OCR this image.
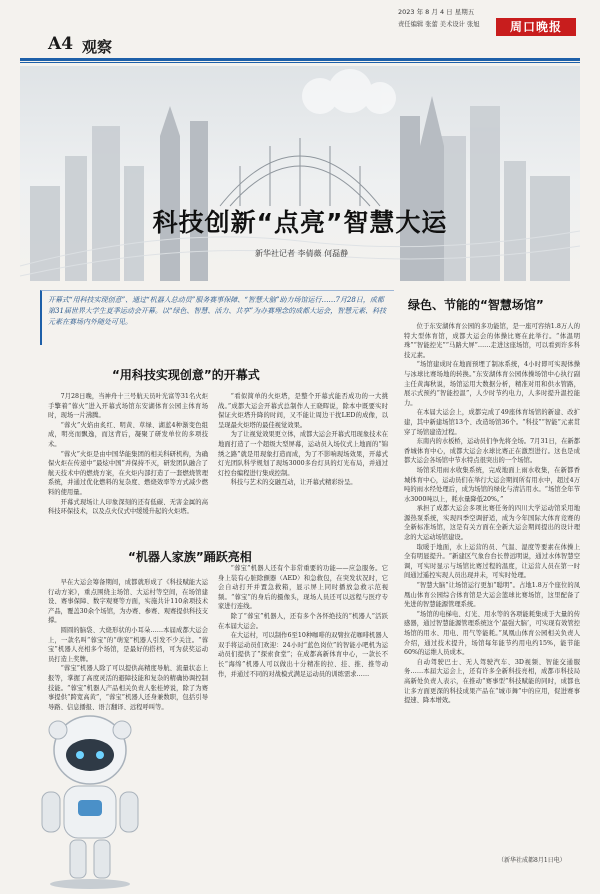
A4 观察
2023 年 8 月 4 日 星期五
责任编辑 张蕾 美术设计 张旭	周口晚报
科技创新“点亮”智慧大运
新华社记者 李倩薇 何磊静
开幕式“用科技实现创意”、通过“机器人总动员”服务赛事保障、“智慧大脑”助力场馆运行……7月28日，成都第31届世界大学生夏季运动会开幕。以“绿色、智慧、活力、共享”为办赛理念的成都大运会，智慧元素、科技元素在赛场内外随处可见。
“用科技实现创意”的开幕式

7月28日晚，当神舟十三号航天员叶光富等31名火炬手擎着“蓉火”进入开幕式场馆东安湖体育公园主体育场时，现场一片沸腾。

“蓉火”火焰由炙红、明黄、草绿、湖蓝4种渐变色组成，明亮而飘逸，而这背后，凝聚了研发单位的多项技术。

“蓉火”火炬是由中国华能集团的相关科研机构，为确保火炬在传递中“最炫中国”并保持不灭，研发团队融合了航天技术中的燃烧方案，在火炬内部打造了一套燃烧管理系统，并通过优化燃料的复杂度、燃烧效率等方式减少燃料的使用量。

开幕式现场让人印象深刻的还有低碳、无害金属的高科技环保技术，以及点火仪式中缓缓升起的火炬塔。

“看似简单的火炬塔，是整个开幕式能否成功的一大挑战。”成都大运会开幕式总制作人王晓晖说，除本中既要实时保证火炬塔升降的时间，又不能让周边干扰LED的成像，以呈现最火炬塔的最佳视觉效果。

为了让视觉效果更立体，成都大运会开幕式用现象技术在地面打造了一个超级大型屏幕，运动员入场仪式上地面的“锦绣之路”就是用现象打造而成，为了不影响现场效果，开幕式灯光团队科学规划了现场3000多台灯具的灯光布局，并通过灯控台编程进行集成控制。

科技与艺术的交融互动，让开幕式精彩纷呈。

“机器人家族”踊跃亮相

早在大运会筹备期间，成都就形成了《科技赋能大运行动方案》，重点围绕主场馆、大运村等空间，在场馆建设、赛事保障、数字观赛等方面，实施共计110余项技术产品，覆盖30余个场馆，为办赛、参赛、观赛提供科技支撑。

圆圆的脑袋、大烧形状的小耳朵……本届成都大运会上，一款名叫“蓉宝”的“萌宠”机器人引发不少关注。“蓉宝”机器人亮相多个场馆，是最好的搭档，可为获奖运动员打造上奖牌。

“蓉宝”机器人除了可以提供高精度导航、流量状态上报等，掌握了高度灵活的避障技能和复杂的精确协调控制技能。“蓉宝”机器人产品相关负责人张桂婷说，除了为赛事提供“跨宽高黄”，“蓉宝”机器人还身兼数职，包括引导导路、信息播报、语言翻译、远程呼叫等。

“蓉宝”机器人还有个非常重要的功能——应急服务。它身上装有心脏除颤器（AED）和急救包，在突发状况时，它会自动打开并置急救箱，显示屏上同时播放急救示范视频。“蓉宝”的身后的摄像头，现场人员还可以远程与医疗专家进行连线。

除了“蓉宝”机器人，还有多个各怀绝技的“机器人”活跃在本届大运会。

在大运村，可以制作6至10种咖啡的双臂拉花咖啡机器人双手将运动员们欢迎：24小时“蓝色岗位”的智能小吧机为运动员们提供了“探索食堂”；在成都高新体育中心，一款长不长“海绵”机器人可以做出十分精准的拉、挂、推、推等动作，并通过不同的对战模式满足运动员的训练需求……

绿色、节能的“智慧场馆”

位于东安湖体育公园的多功能馆，是一座可容纳1.8万人的特大型体育馆，成都大运会的体操比赛在此举行。“体温明珠”“智能控光”“马路大屏”……走进这座场馆，可以看到许多科技元素。

“场馆建成时在地面预埋了制冰系统，4小时即可实现体操与冰球比赛场地的转换。”东安湖体育公园体操场馆中心执行副主任黄海秋说，场馆运用大数据分析，精准对用和供水管路，展示式预约“智能控温”，人少时节约电力，人多时提升温控能力。

在本届大运会上，成都完成了49座体育场馆的新建、改扩建，其中新建场馆13个、改造场馆36个。“科技”“智能”元素贯穿了场馆建造过程。

东南内的水板桥，运动员们争先将全场。7月31日，在新都香城体育中心，成都大运会水球比赛正在激烈进行。这也是成都大运会各场馆中节水特点很突出的一个场馆。

场馆采用雨水收集系统，完成地面上雨水收集，在新都香城体育中心，运动员们在举行大运会期间所有用水中，超过4万吨的雨水经处理后，成为场馆的绿化与清洁用水。“场馆全年节水3000吨以上，耗水量降低20%。”

承担了成都大运会多项比赛任务的四川大学运动馆采用地源热泵系统，实现四季空调舒适，成为今年国际大体育竞赛的全新标准场馆，这是有关方面在全新大运会期间提出的设计理念的大运动场馆建设。

取暖于地面，水上运营的员、气温、湿度等要素在体操上全有明显提升。“新建区气象台台长曾远明说，通过水体智慧空调，可实时显示与场馆比赛过程的温度，让运营人员在第一时间通过遥控实现人员出现并未，可实时处理。

“智慧大脑”让场馆运行更加“聪明”。占地1.8万个座位的凤凰山体育公园综合体育馆是大运会篮球比赛场馆，这里配备了先进的智慧能源管理系统。

“场馆的电梯电、灯光、用水等的各项能耗集成于大量的传感器，通过智慧能源管理系统这个‘最强大脑’，可实现有效管控场馆的用水、用电、用气等能耗。”凤凰山体育公园相关负责人介绍，通过技术提升，场馆每年能节约用电约15%，能节能60%的运维人员成本。

自动驾驶巴士、无人驾驶汽车、3D视频、智能交通服务……本届大运会上，还有许多全新科技亮相，成都市科技局高新处负责人表示，在推动“赛事型”科技赋能的同时，成都也让多方面更深的科技成果产品在“城市舞”中的应用，促进赛事提速、降本增效。

（新华社成都8月1日电）
